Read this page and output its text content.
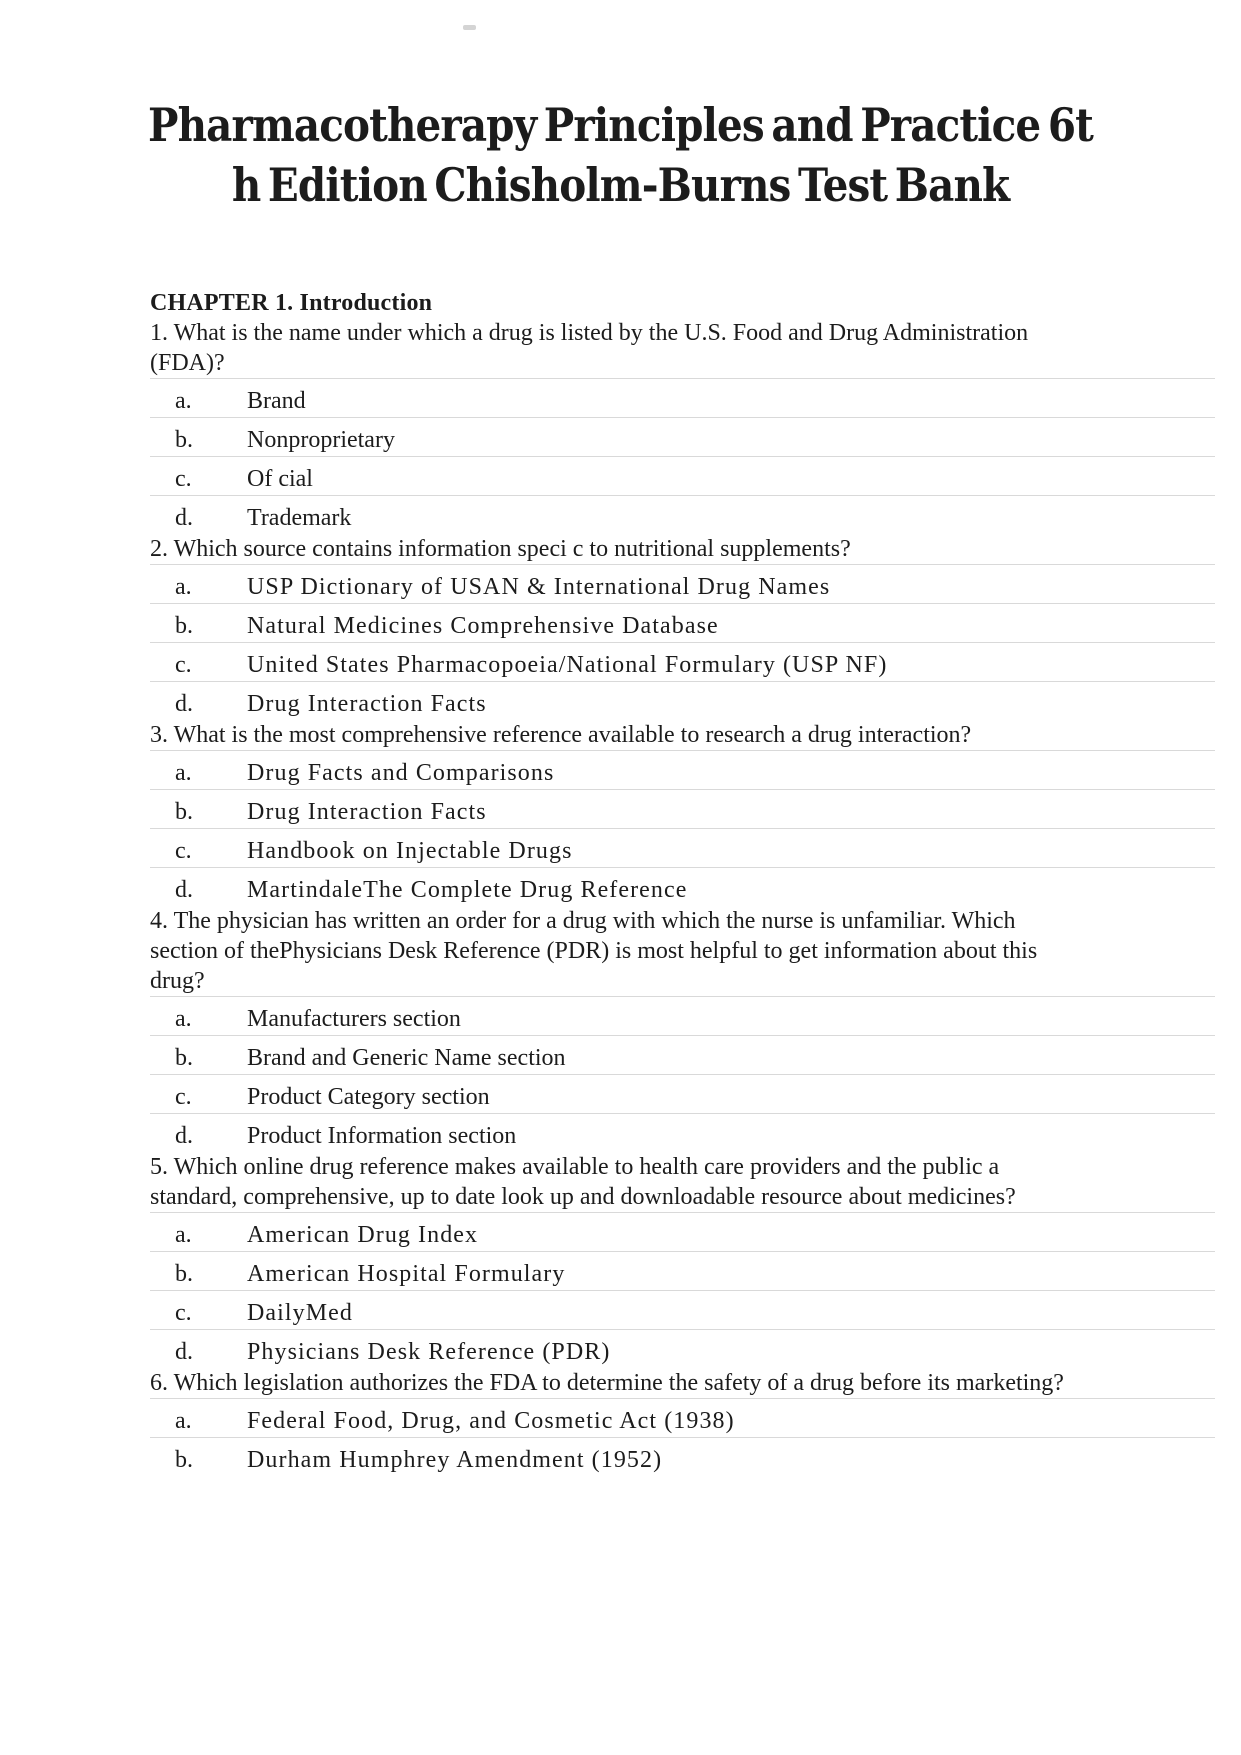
Pharmacotherapy Principles and Practice 6t
h Edition Chisholm-Burns Test Bank
CHAPTER 1. Introduction
1. What is the name under which a drug is listed by the U.S. Food and Drug Administration
(FDA)?
a.	Brand
b.	Nonproprietary
c.	Of cial
d.	Trademark
2. Which source contains information speci c to nutritional supplements?
a.	USP Dictionary of USAN & International Drug Names
b.	Natural Medicines Comprehensive Database
c.	United States Pharmacopoeia/National Formulary (USP NF)
d.	Drug Interaction Facts
3. What is the most comprehensive reference available to research a drug interaction?
a.	Drug Facts and Comparisons
b.	Drug Interaction Facts
c.	Handbook on Injectable Drugs
d.	MartindaleThe Complete Drug Reference
4. The physician has written an order for a drug with which the nurse is unfamiliar. Which
section of thePhysicians Desk Reference (PDR) is most helpful to get information about this
drug?
a.	Manufacturers section
b.	Brand and Generic Name section
c.	Product Category section
d.	Product Information section
5. Which online drug reference makes available to health care providers and the public a
standard, comprehensive, up to date look up and downloadable resource about medicines?
a.	American Drug Index
b.	American Hospital Formulary
c.	DailyMed
d.	Physicians Desk Reference (PDR)
6. Which legislation authorizes the FDA to determine the safety of a drug before its marketing?
a.	Federal Food, Drug, and Cosmetic Act (1938)
b.	Durham Humphrey Amendment (1952)
